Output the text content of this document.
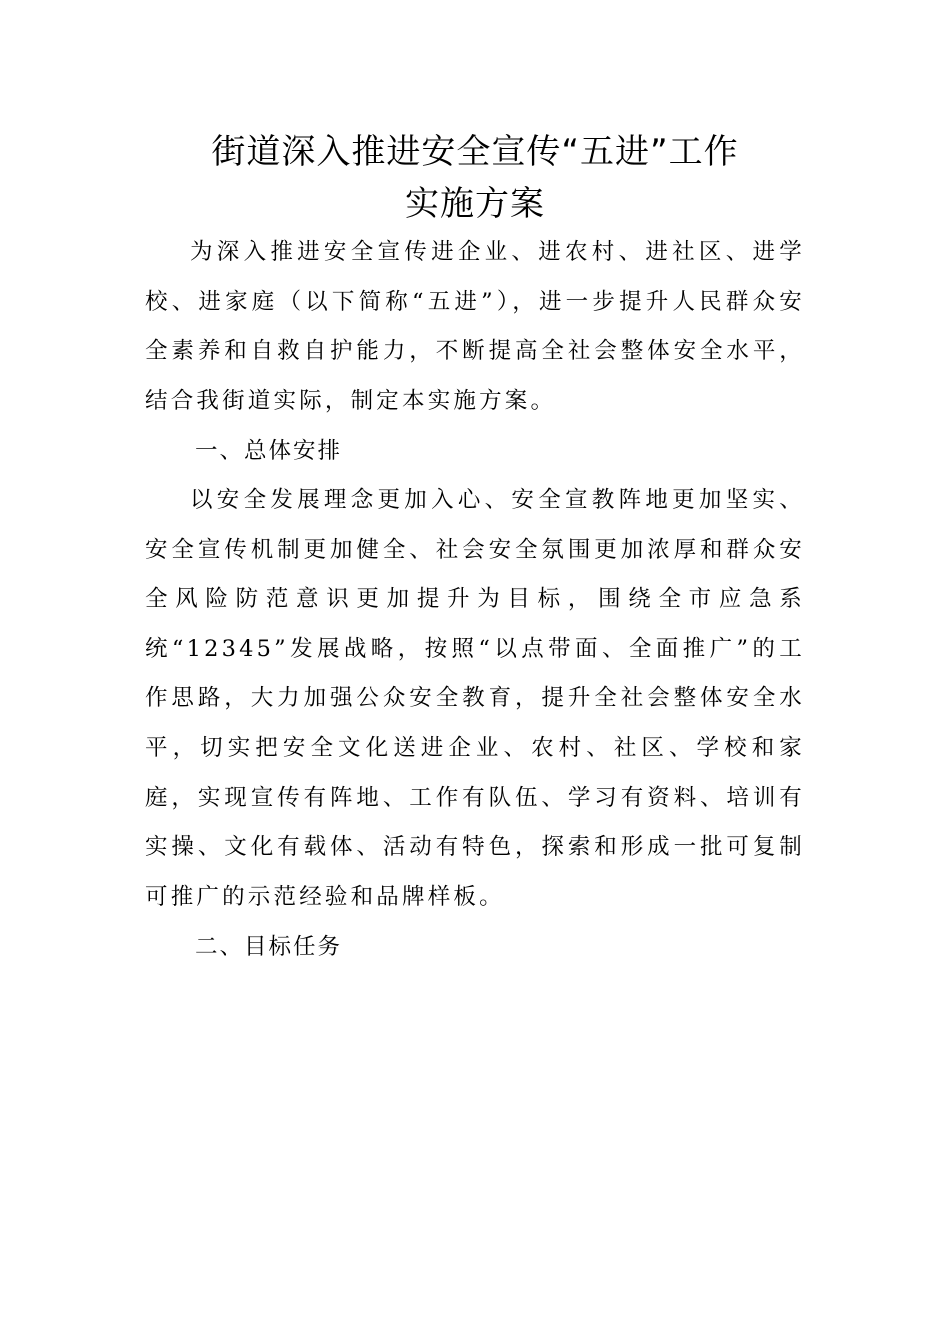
街道深入推进安全宣传“五进”工作
实施方案

为深入推进安全宣传进企业、进农村、进社区、进学校、进家庭（以下简称“五进”），进一步提升人民群众安全素养和自救自护能力，不断提高全社会整体安全水平，结合我街道实际，制定本实施方案。

一、总体安排

以安全发展理念更加入心、安全宣教阵地更加坚实、安全宣传机制更加健全、社会安全氛围更加浓厚和群众安全风险防范意识更加提升为目标，围绕全市应急系统“12345”发展战略，按照“以点带面、全面推广”的工作思路，大力加强公众安全教育，提升全社会整体安全水平，切实把安全文化送进企业、农村、社区、学校和家庭，实现宣传有阵地、工作有队伍、学习有资料、培训有实操、文化有载体、活动有特色，探索和形成一批可复制可推广的示范经验和品牌样板。

二、目标任务
